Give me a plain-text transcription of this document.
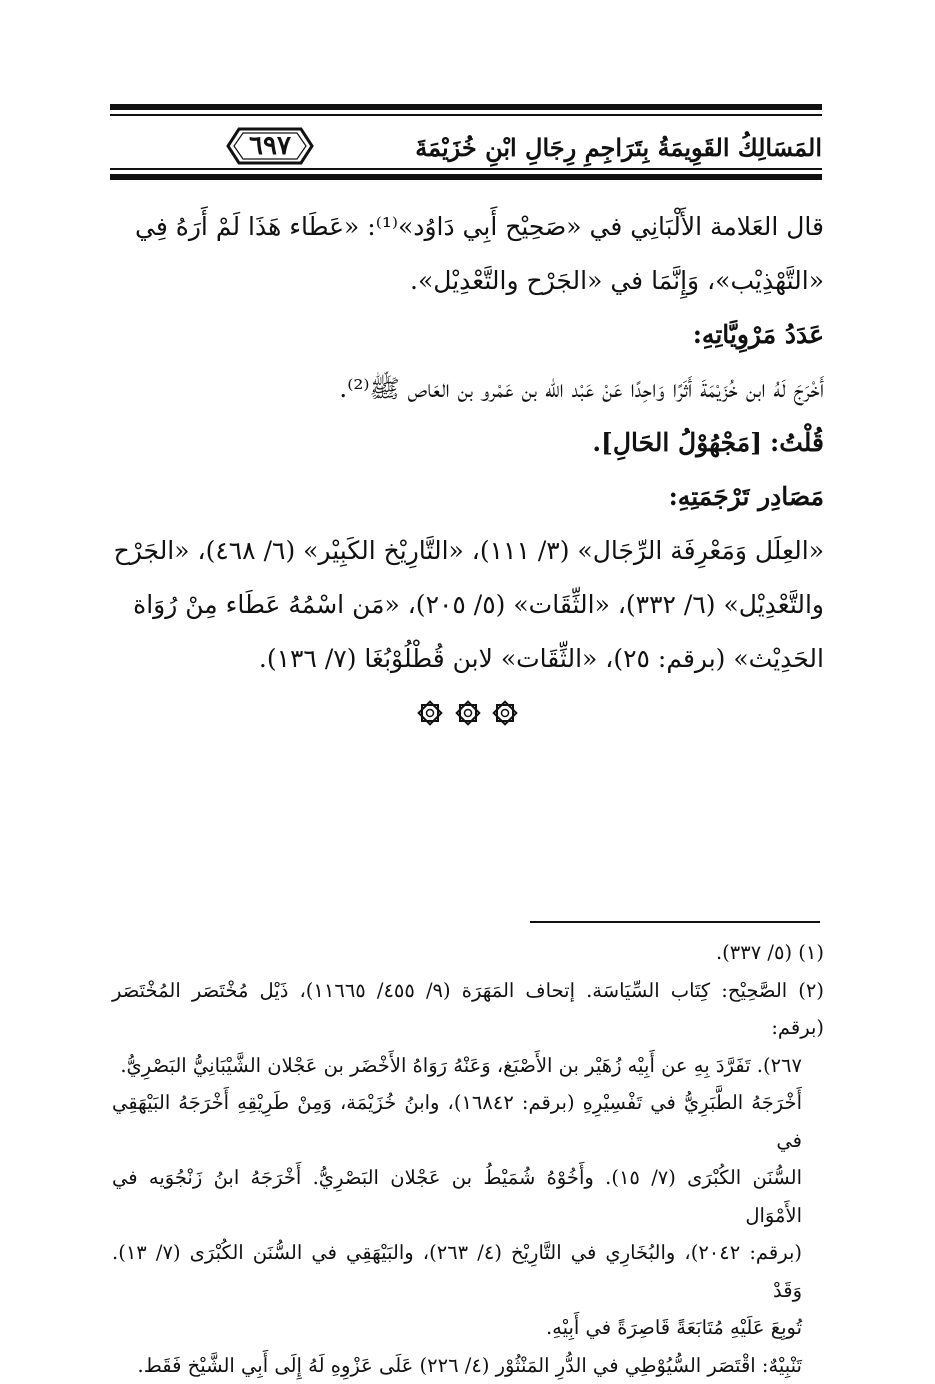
٦٩٧	المَسَالِكُ القَوِيمَةُ بِتَرَاجِمِ رِجَالِ ابْنِ خُزَيْمَةَ

قال العَلامة الأَلْبَانِي في «صَحِيْح أَبِي دَاوُد»⁽¹⁾: «عَطَاء هَذَا لَمْ أَرَهُ فِي

«التَّهْذِيْب»، وَإِنَّمَا في «الجَرْح والتَّعْدِيْل».

عَدَدُ مَرْوِيَّاتِهِ:

أَخْرَجَ لَهُ ابن خُزَيْمَةَ أَثَرًا وَاحِدًا عَنْ عَبْد الله بن عَمْرو بن العَاص ﷺ⁽²⁾.

قُلْتُ: [مَجْهُوْلُ الحَالِ].

مَصَادِر تَرْجَمَتِهِ:

«العِلَل وَمَعْرِفَة الرِّجَال» (٣/ ١١١)، «التَّارِيْخ الكَبِيْر» (٦/ ٤٦٨)، «الجَرْح

والتَّعْدِيْل» (٦/ ٣٣٢)، «الثِّقَات» (٥/ ٢٠٥)، «مَن اسْمُهُ عَطَاء مِنْ رُوَاة

الحَدِيْث» (برقم: ٢٥)، «الثِّقَات» لابن قُطْلُوْبُغَا (٧/ ١٣٦).

(١) (٥/ ٣٣٧).

(٢) الصَّحِيْح: كِتَاب السِّيَاسَة. إتحاف المَهَرَة (٩/ ٤٥٥/ ١١٦٦٥)، ذَيْل مُخْتَصَر المُخْتَصَر (برقم:

٢٦٧). تَفَرَّدَ بِهِ عن أَبِيْه زُهَيْر بن الأَصْبَغ، وَعَنْهُ رَوَاهُ الأَخْضَر بن عَجْلان الشَّيْبَانِيُّ البَصْرِيُّ.

أَخْرَجَهُ الطَّبَرِيُّ في تَفْسِيْرِهِ (برقم: ١٦٨٤٢)، وابنُ خُزَيْمَة، وَمِنْ طَرِيْقِهِ أَخْرَجَهُ البَيْهَقِي في

السُّنَن الكُبْرَى (٧/ ١٥). وأَخُوْهُ شُمَيْطُ بن عَجْلان البَصْرِيُّ. أَخْرَجَهُ ابنُ زَنْجُوَيه في الأَمْوَال

(برقم: ٢٠٤٢)، والبُخَارِي في التَّارِيْخ (٤/ ٢٦٣)، والبَيْهَقِي في السُّنَن الكُبْرَى (٧/ ١٣). وَقَدْ

تُوبِعَ عَلَيْهِ مُتَابَعَةً قَاصِرَةً في أَبِيْهِ.

تَنْبِيْهٌ: اقْتَصَر السُّيُوْطِي في الدُّرِ المَنْثُوْر (٤/ ٢٢٦) عَلَى عَزْوِهِ لَهُ إِلَى أَبِي الشَّيْخ فَقَط.
